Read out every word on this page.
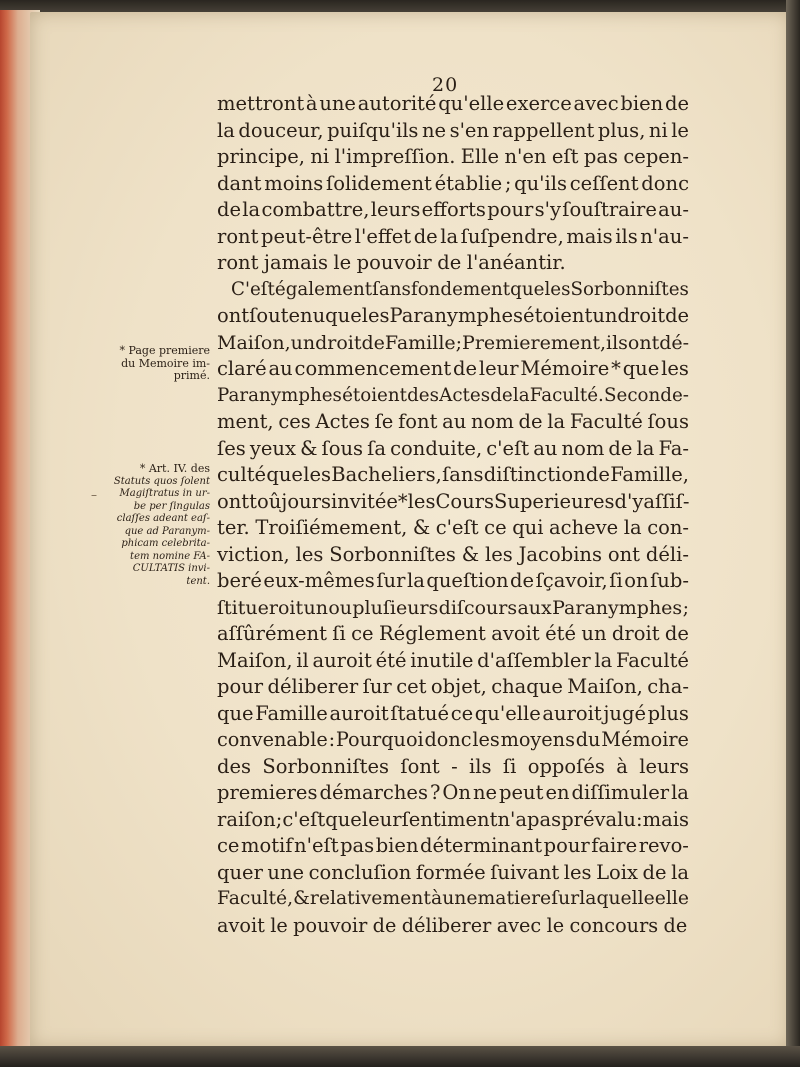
20
mettront à une autorité qu'elle exerce avec bien de
la douceur, puiſqu'ils ne s'en rappellent plus, ni le
principe, ni l'impreſſion. Elle n'en eſt pas cepen-
dant moins ſolidement établie ; qu'ils ceſſent donc
de la combattre, leurs efforts pour s'y ſouſtraire au-
ront peut-être l'effet de la ſuſpendre, mais ils n'au-
ront jamais le pouvoir de l'anéantir.
C'eſt également ſans fondement que lesSorbonniſtes
ont ſoutenu que les Paranymphes étoient un droit de
Maiſon, un droit de Famille ; Premierement, ils ont dé-
claré au commencement de leur Mémoire * que les
Paranymphes étoient des Actes de la Faculté. Seconde-
ment, ces Actes ſe font au nom de la Faculté ſous
ſes yeux & ſous ſa conduite, c'eſt au nom de la Fa-
culté que les Bacheliers, ſans diſtinction de Famille,
ont toûjours invitée * les Cours Superieures d'y aſſiſ-
ter. Troiſiémement, & c'eſt ce qui acheve la con-
viction, les Sorbonniſtes & les Jacobins ont déli-
beré eux-mêmes ſur la queſtion de ſçavoir, ſi on ſub-
ſtitueroit un ou pluſieurs diſcours aux Paranymphes ;
aſſûrément ſi ce Réglement avoit été un droit de
Maiſon, il auroit été inutile d'aſſembler la Faculté
pour déliberer ſur cet objet, chaque Maiſon, cha-
que Famille auroit ſtatué ce qu'elle auroit jugé plus
convenable : Pourquoi donc les moyens du Mémoire
des Sorbonniſtes ſont - ils ſi oppoſés à leurs
premieres démarches ? On ne peut en diſſimuler la
raiſon ; c'eſt que leur ſentiment n'a pas prévalu : mais
ce motif n'eſt pas bien déterminant pour faire revo-
quer une concluſion formée ſuivant les Loix de la
Faculté, & relativement à une matiere ſur laquelle elle
avoit le pouvoir de déliberer avec le concours de
* Page premiere
du Memoire im-
primé.
–
* Art. IV. des
Statuts quos ſolent
Magiſtratus in ur-
be per ſingulas
claſſes adeant eaſ-
que ad Paranym-
phicam celebrita-
tem nomine FA-
CULTATIS invi-
tent.
